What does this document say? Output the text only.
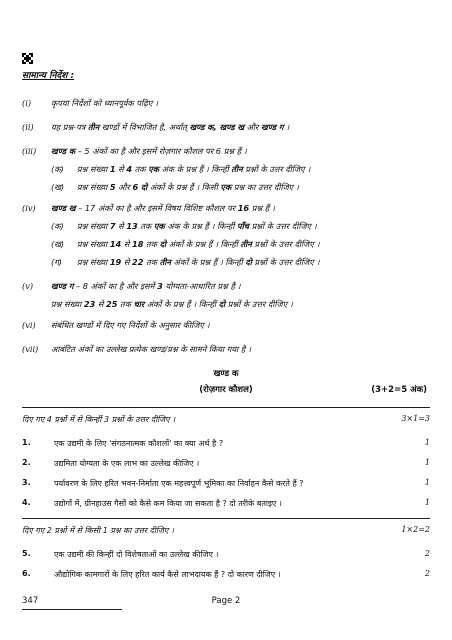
सामान्य निर्देश :
(i) कृपया निर्देशों को ध्यानपूर्वक पढ़िए ।
(ii) यह प्रश्न-पत्र तीन खण्डों में विभाजित है, अर्थात् खण्ड क, खण्ड ख और खण्ड ग ।
(iii) खण्ड क – 5 अंकों का है और इसमें रोज़गार कौशल पर 6 प्रश्न हैं ।
(क) प्रश्न संख्या 1 से 4 तक एक अंक के प्रश्न हैं । किन्हीं तीन प्रश्नों के उत्तर दीजिए ।
(ख) प्रश्न संख्या 5 और 6 दो अंकों के प्रश्न हैं । किसी एक प्रश्न का उत्तर दीजिए ।
(iv) खण्ड ख – 17 अंकों का है और इसमें विषय विशिष्ट कौशल पर 16 प्रश्न हैं ।
(क) प्रश्न संख्या 7 से 13 तक एक अंक के प्रश्न हैं । किन्हीं पाँच प्रश्नों के उत्तर दीजिए ।
(ख) प्रश्न संख्या 14 से 18 तक दो अंकों के प्रश्न हैं । किन्हीं तीन प्रश्नों के उत्तर दीजिए ।
(ग) प्रश्न संख्या 19 से 22 तक तीन अंकों के प्रश्न हैं । किन्हीं दो प्रश्नों के उत्तर दीजिए ।
(v) खण्ड ग – 8 अंकों का है और इसमें 3 योग्यता-आधारित प्रश्न हैं ।
प्रश्न संख्या 23 से 25 तक चार अंकों के प्रश्न हैं । किन्हीं दो प्रश्नों के उत्तर दीजिए ।
(vi) संबंधित खण्डों में दिए गए निर्देशों के अनुसार कीजिए ।
(vii) आबंटित अंकों का उल्लेख प्रत्येक खण्ड/प्रश्न के सामने किया गया है ।
खण्ड क
(रोज़गार कौशल)	(3+2=5 अंक)
दिए गए 4 प्रश्नों में से किन्हीं 3 प्रश्नों के उत्तर दीजिए ।	3×1=3
1.	एक उद्यमी के लिए 'संगठनात्मक कौशलों' का क्या अर्थ है ?	1
2.	उद्यमिता योग्यता के एक लाभ का उल्लेख कीजिए ।	1
3.	पर्यावरण के लिए हरित भवन-निर्माता एक महत्त्वपूर्ण भूमिका का निर्वाहन कैसे करते हैं ?	1
4.	उद्योगों में, ग्रीनहाउस गैसों को कैसे कम किया जा सकता है ? दो तरीके बताइए ।	1
दिए गए 2 प्रश्नों में से किसी 1 प्रश्न का उत्तर दीजिए ।	1×2=2
5.	एक उद्यमी की किन्हीं दो विशेषताओं का उल्लेख कीजिए ।	2
6.	औद्योगिक कामगारों के लिए हरित कार्य कैसे लाभदायक हैं ? दो कारण दीजिए ।	2
347	Page 2
